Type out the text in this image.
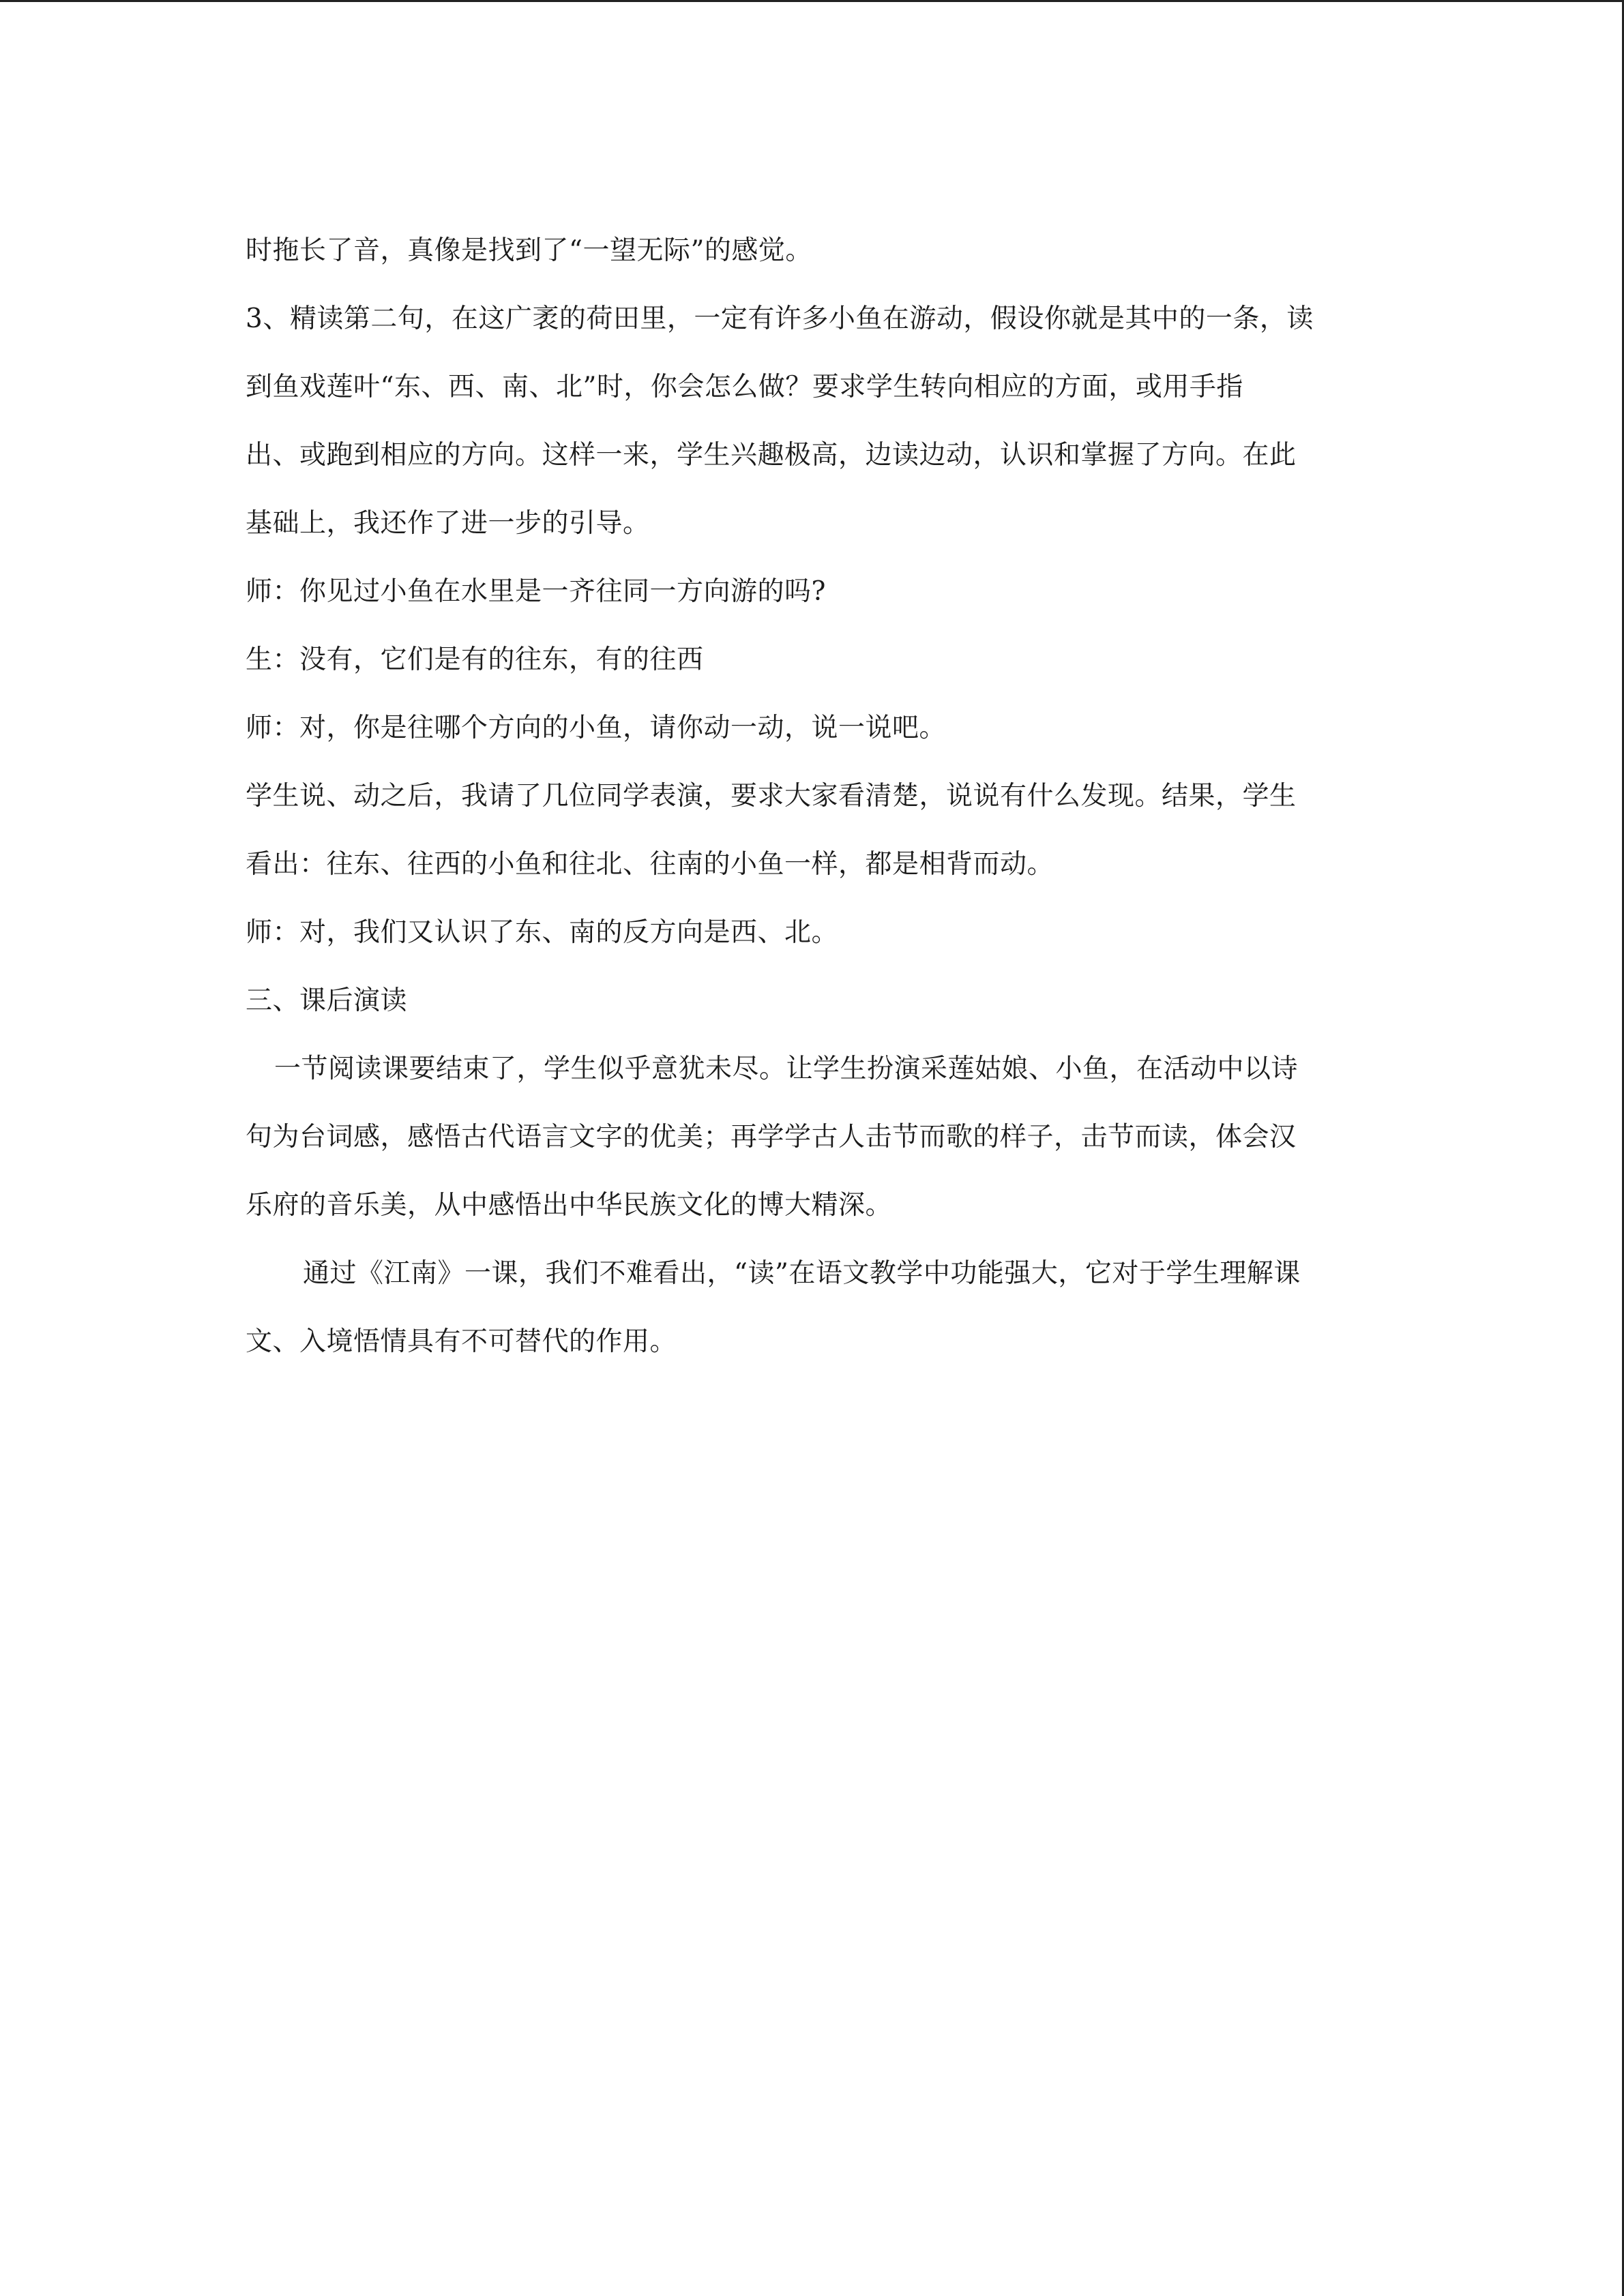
时拖长了音，真像是找到了“一望无际”的感觉。
3、精读第二句，在这广袤的荷田里，一定有许多小鱼在游动，假设你就是其中的一条，读
到鱼戏莲叶“东、西、南、北”时，你会怎么做？要求学生转向相应的方面，或用手指
出、或跑到相应的方向。这样一来，学生兴趣极高，边读边动，认识和掌握了方向。在此
基础上，我还作了进一步的引导。
师：你见过小鱼在水里是一齐往同一方向游的吗?
生：没有，它们是有的往东，有的往西
师：对，你是往哪个方向的小鱼，请你动一动，说一说吧。
学生说、动之后，我请了几位同学表演，要求大家看清楚，说说有什么发现。结果，学生
看出：往东、往西的小鱼和往北、往南的小鱼一样，都是相背而动。
师：对，我们又认识了东、南的反方向是西、北。
三、课后演读
一节阅读课要结束了，学生似乎意犹未尽。让学生扮演采莲姑娘、小鱼，在活动中以诗
句为台词感，感悟古代语言文字的优美；再学学古人击节而歌的样子，击节而读，体会汉
乐府的音乐美，从中感悟出中华民族文化的博大精深。
通过《江南》一课，我们不难看出，“读”在语文教学中功能强大，它对于学生理解课
文、入境悟情具有不可替代的作用。
